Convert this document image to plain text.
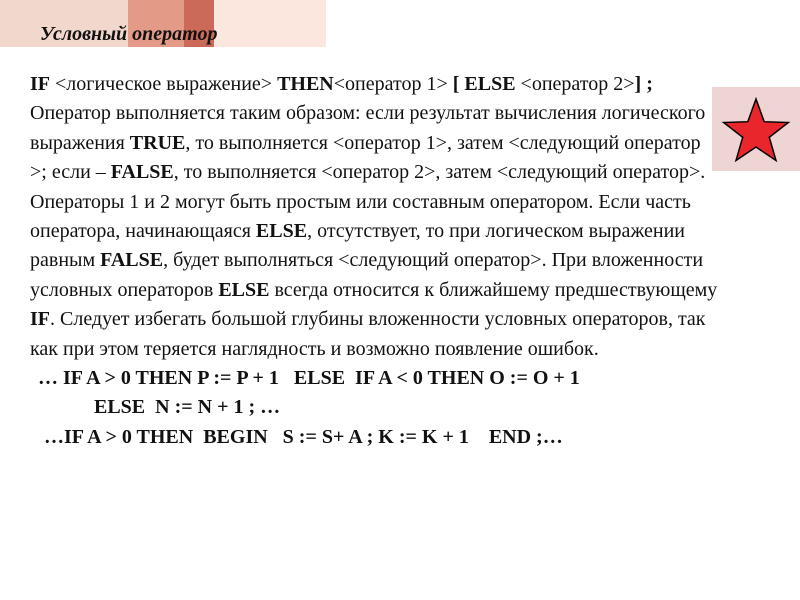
Условный оператор

IF <логическое выражение> THEN<оператор 1> [ ELSE <оператор 2>] ;

Оператор выполняется таким образом: если результат вычисления логического выражения TRUE, то выполняется <оператор 1>, затем <следующий оператор >; если – FALSE, то выполняется <оператор 2>, затем <следующий оператор>. Операторы 1 и 2 могут быть простым или составным оператором. Если часть оператора, начинающаяся ELSE, отсутствует, то при логическом выражении равным FALSE, будет выполняться <следующий оператор>. При вложенности условных операторов ELSE всегда относится к ближайшему предшествующему IF. Следует избегать большой глубины вложенности условных операторов, так как при этом теряется наглядность и возможно появление ошибок.

… IF A > 0 THEN P := P + 1   ELSE  IF A < 0 THEN O := O + 1

ELSE  N := N + 1 ; …

…IF A > 0 THEN  BEGIN   S := S+ A ; K := K + 1    END ;…
